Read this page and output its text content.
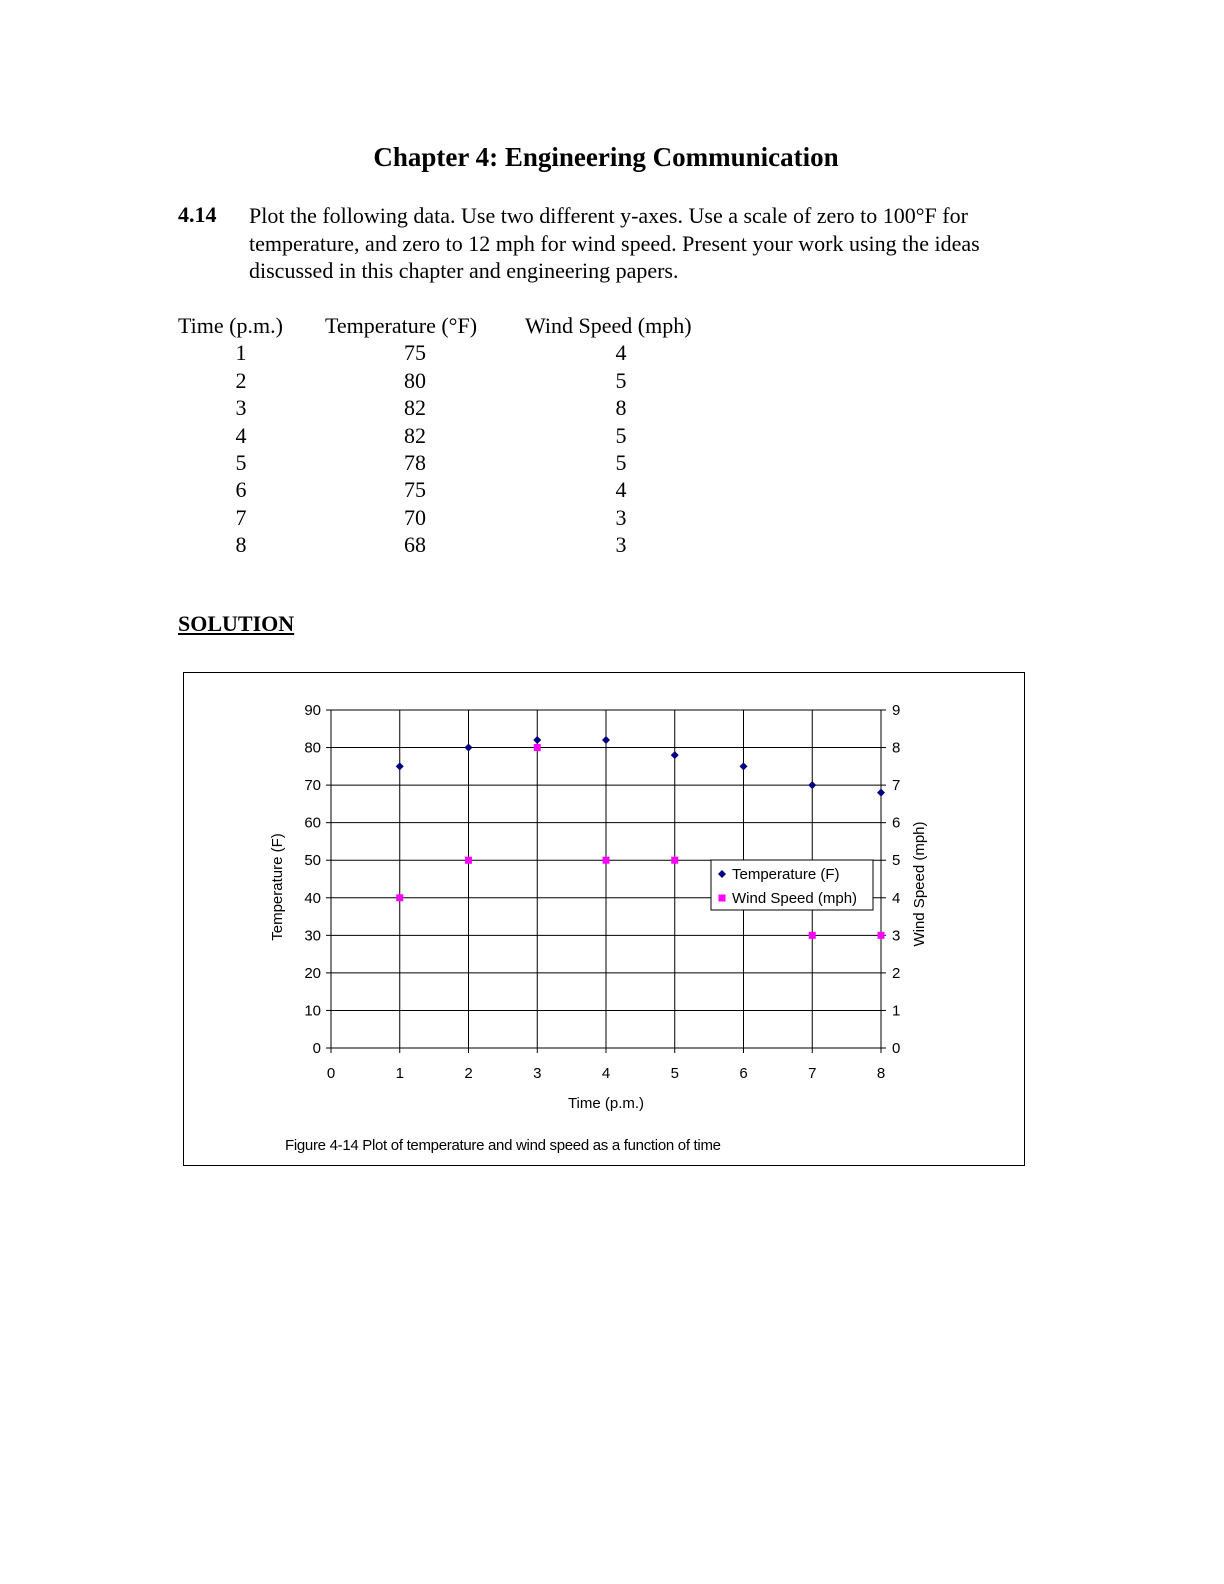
Chapter 4: Engineering Communication
4.14 Plot the following data. Use two different y-axes. Use a scale of zero to 100°F for temperature, and zero to 12 mph for wind speed. Present your work using the ideas discussed in this chapter and engineering papers.
Time (p.m.) Temperature (°F) Wind Speed (mph)
1	75	4
2	80	5
3	82	8
4	82	5
5	78	5
6	75	4
7	70	3
8	68	3
SOLUTION
0
10
20
30
40
50
60
70
80
90
0
1
2
3
4
5
6
7
8
9
0	1	2	3	4	5	6	7	8
Time (p.m.)
Temperature (F)	Wind Speed (mph)
Temperature (F)
Wind Speed (mph)
Figure 4-14 Plot of temperature and wind speed as a function of time
